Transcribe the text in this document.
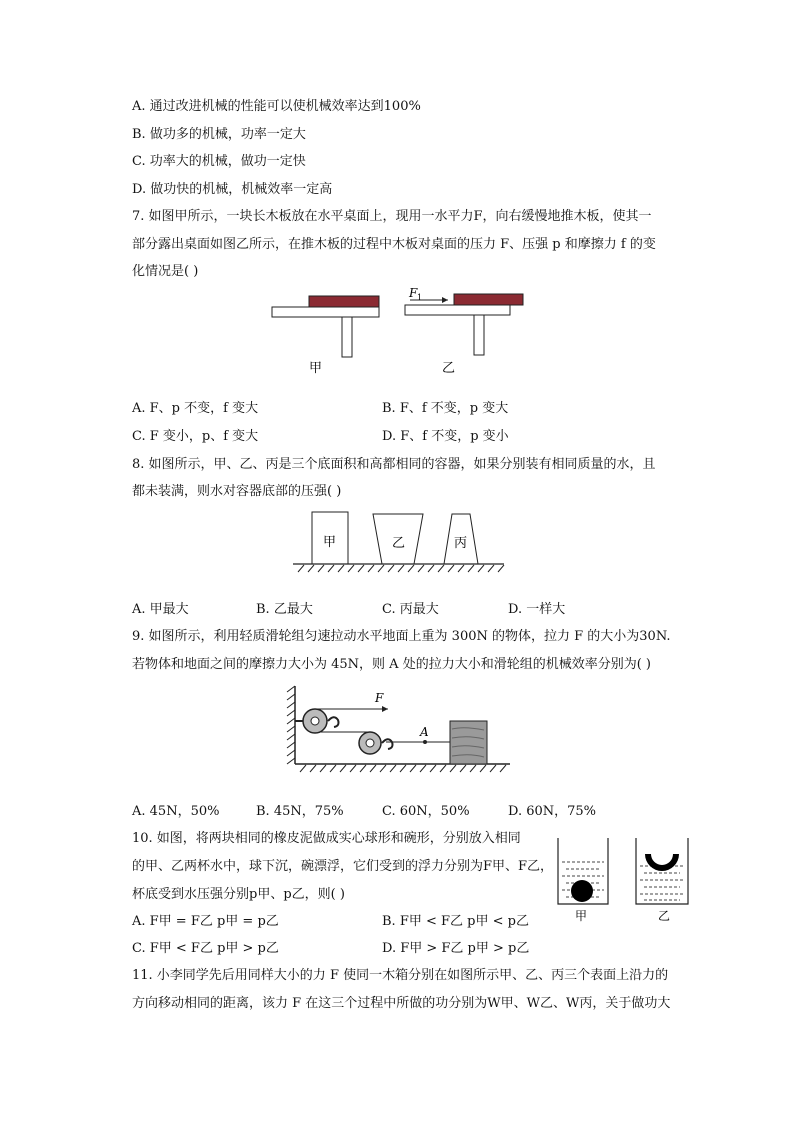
A. 通过改进机械的性能可以使机械效率达到100%
B. 做功多的机械，功率一定大
C. 功率大的机械，做功一定快
D. 做功快的机械，机械效率一定高
7. 如图甲所示，一块长木板放在水平桌面上，现用一水平力F，向右缓慢地推木板，使其一
部分露出桌面如图乙所示，在推木板的过程中木板对桌面的压力 F、压强 p 和摩擦力 f 的变
化情况是( )
F 1
甲	乙
A. F、p 不变，f 变大	B. F、f 不变，p 变大
C. F 变小，p、f 变大	D. F、f 不变，p 变小
8. 如图所示，甲、乙、丙是三个底面积和高都相同的容器，如果分别装有相同质量的水，且
都未装满，则水对容器底部的压强( )
甲	乙	丙
A. 甲最大	B. 乙最大	C. 丙最大	D. 一样大
9. 如图所示，利用轻质滑轮组匀速拉动水平地面上重为 300N 的物体，拉力 F 的大小为30N.
若物体和地面之间的摩擦力大小为 45N，则 A 处的拉力大小和滑轮组的机械效率分别为( )
F
A
A. 45N，50%	B. 45N，75%	C. 60N，50%	D. 60N，75%
10. 如图，将两块相同的橡皮泥做成实心球形和碗形，分别放入相同
的甲、乙两杯水中，球下沉，碗漂浮，它们受到的浮力分别为F甲、F乙，
杯底受到水压强分别p甲、p乙，则( )
甲	乙
A. F甲 = F乙 p甲 = p乙	B. F甲 < F乙 p甲 < p乙
C. F甲 < F乙 p甲 > p乙	D. F甲 > F乙 p甲 > p乙
11. 小李同学先后用同样大小的力 F 使同一木箱分别在如图所示甲、乙、丙三个表面上沿力的
方向移动相同的距离，该力 F 在这三个过程中所做的功分别为W甲、W乙、W丙，关于做功大
